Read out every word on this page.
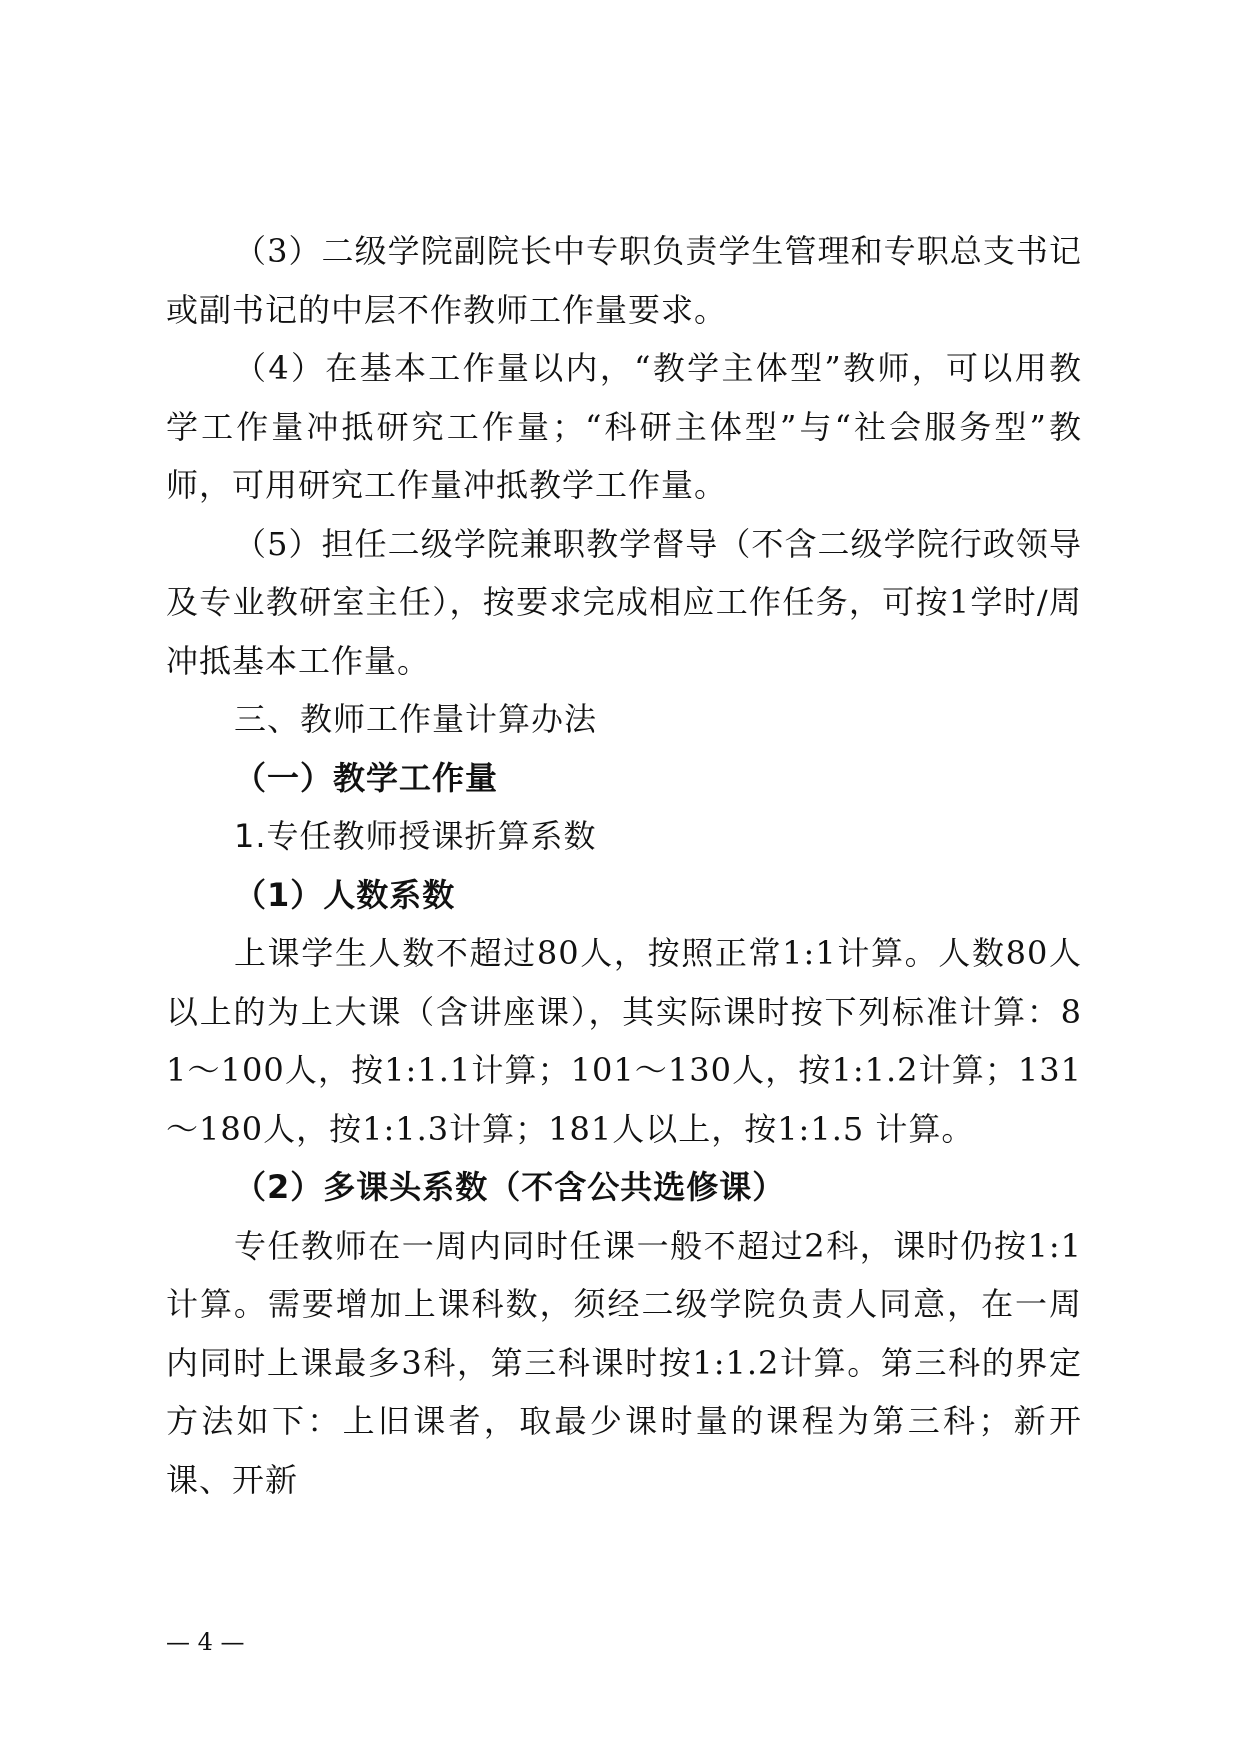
（3）二级学院副院长中专职负责学生管理和专职总支书记或副书记的中层不作教师工作量要求。

（4）在基本工作量以内，“教学主体型”教师，可以用教学工作量冲抵研究工作量；“科研主体型”与“社会服务型”教师，可用研究工作量冲抵教学工作量。

（5）担任二级学院兼职教学督导（不含二级学院行政领导及专业教研室主任），按要求完成相应工作任务，可按1学时/周冲抵基本工作量。

三、教师工作量计算办法

（一）教学工作量

1.专任教师授课折算系数

（1）人数系数

上课学生人数不超过80人，按照正常1:1计算。人数80人以上的为上大课（含讲座课），其实际课时按下列标准计算：81～100人，按1:1.1计算；101～130人，按1:1.2计算；131～180人，按1:1.3计算；181人以上，按1:1.5 计算。

（2）多课头系数（不含公共选修课）

专任教师在一周内同时任课一般不超过2科，课时仍按1:1计算。需要增加上课科数，须经二级学院负责人同意，在一周内同时上课最多3科，第三科课时按1:1.2计算。第三科的界定方法如下：上旧课者，取最少课时量的课程为第三科；新开课、开新

— 4 —
